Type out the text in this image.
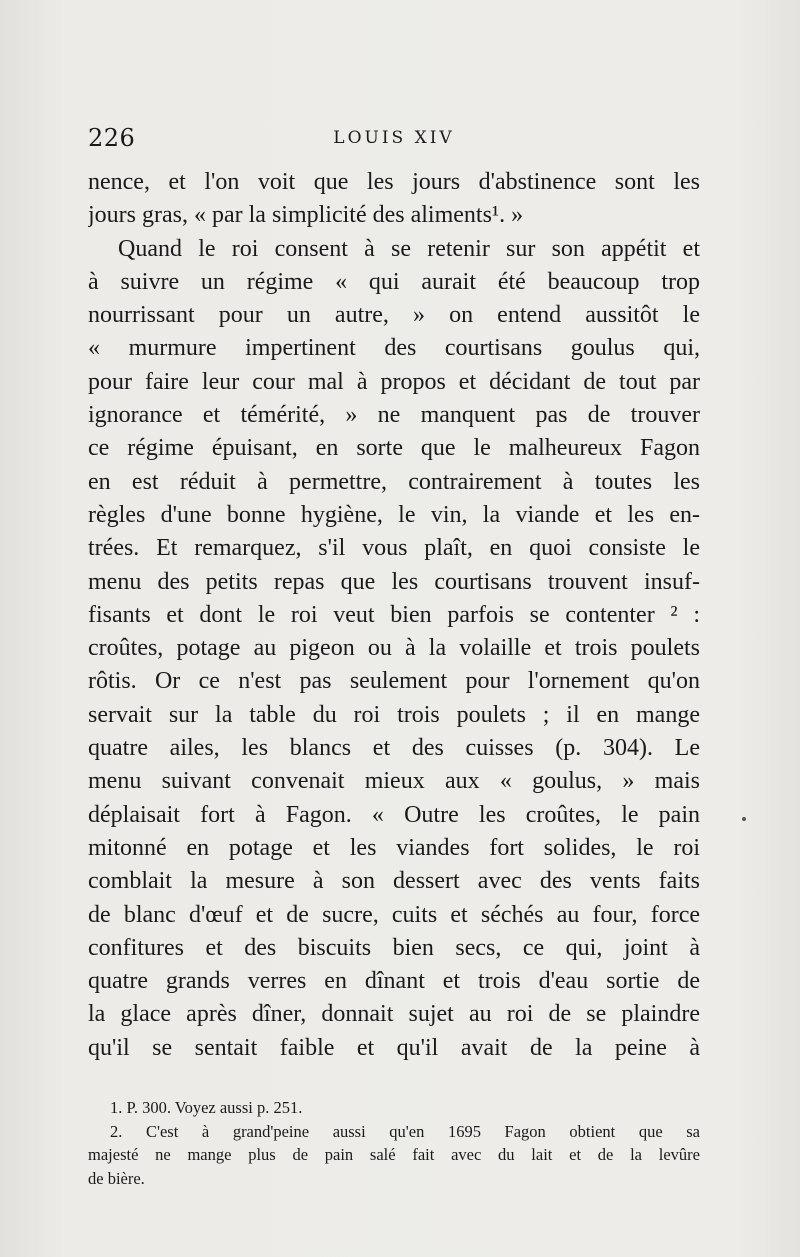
226	LOUIS XIV
nence, et l'on voit que les jours d'abstinence sont les
jours gras, « par la simplicité des aliments¹. »
Quand le roi consent à se retenir sur son appétit et
à suivre un régime « qui aurait été beaucoup trop
nourrissant pour un autre, » on entend aussitôt le
« murmure impertinent des courtisans goulus qui,
pour faire leur cour mal à propos et décidant de tout par
ignorance et témérité, » ne manquent pas de trouver
ce régime épuisant, en sorte que le malheureux Fagon
en est réduit à permettre, contrairement à toutes les
règles d'une bonne hygiène, le vin, la viande et les en-
trées. Et remarquez, s'il vous plaît, en quoi consiste le
menu des petits repas que les courtisans trouvent insuf-
fisants et dont le roi veut bien parfois se contenter ² :
croûtes, potage au pigeon ou à la volaille et trois poulets
rôtis. Or ce n'est pas seulement pour l'ornement qu'on
servait sur la table du roi trois poulets ; il en mange
quatre ailes, les blancs et des cuisses (p. 304). Le
menu suivant convenait mieux aux « goulus, » mais
déplaisait fort à Fagon. « Outre les croûtes, le pain
mitonné en potage et les viandes fort solides, le roi
comblait la mesure à son dessert avec des vents faits
de blanc d'œuf et de sucre, cuits et séchés au four, force
confitures et des biscuits bien secs, ce qui, joint à
quatre grands verres en dînant et trois d'eau sortie de
la glace après dîner, donnait sujet au roi de se plaindre
qu'il se sentait faible et qu'il avait de la peine à
1. P. 300. Voyez aussi p. 251.
2. C'est à grand'peine aussi qu'en 1695 Fagon obtient que sa
majesté ne mange plus de pain salé fait avec du lait et de la levûre
de bière.
